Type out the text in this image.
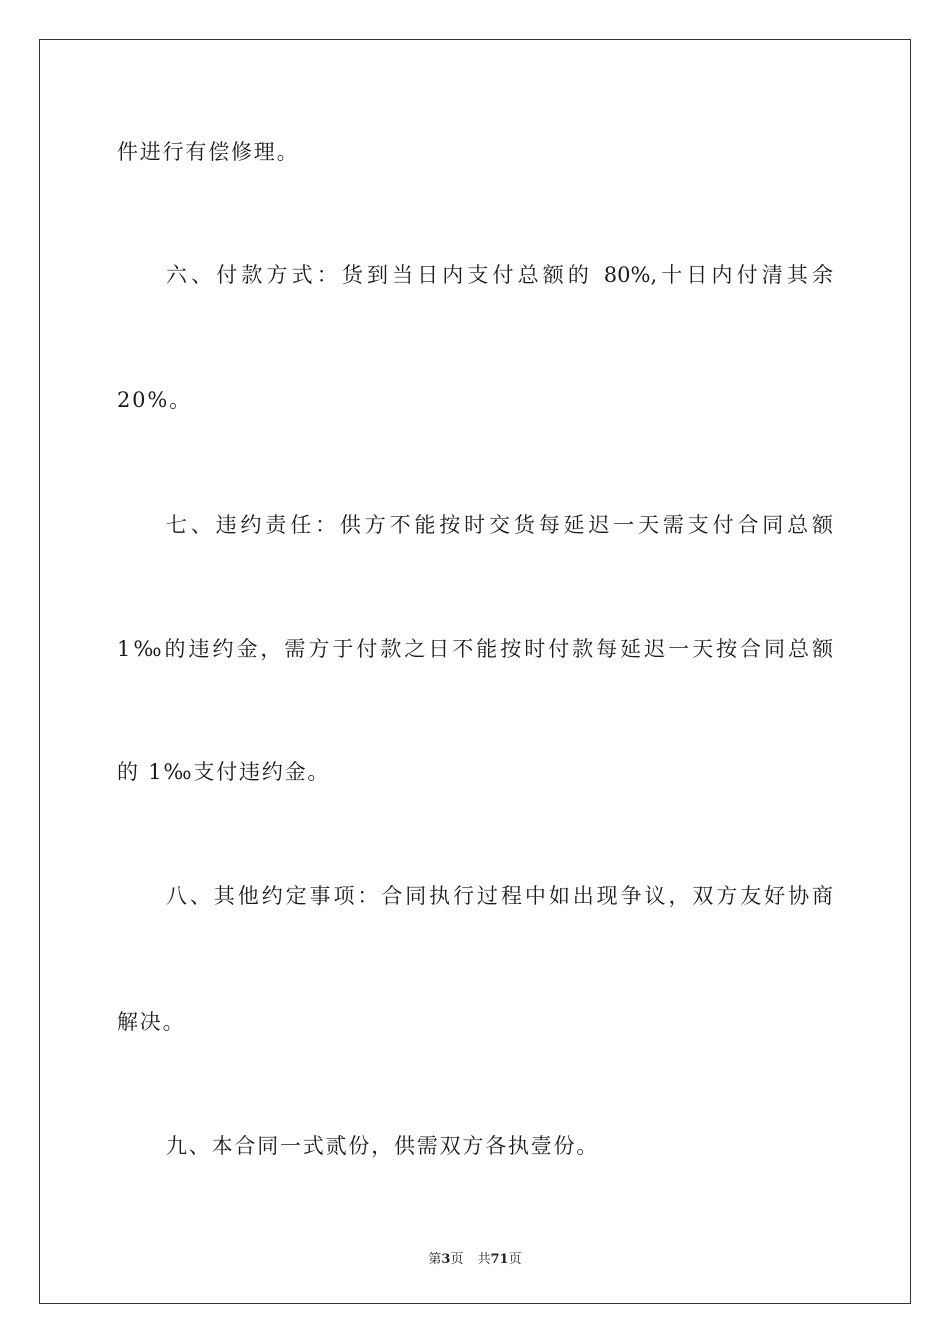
件进行有偿修理。
六、付款方式：货到当日内支付总额的 80%,十日内付清其余
20%。
七、违约责任：供方不能按时交货每延迟一天需支付合同总额
1‰的违约金，需方于付款之日不能按时付款每延迟一天按合同总额
的 1‰支付违约金。
八、其他约定事项：合同执行过程中如出现争议，双方友好协商
解决。
九、本合同一式贰份，供需双方各执壹份。
第3页 共71页
